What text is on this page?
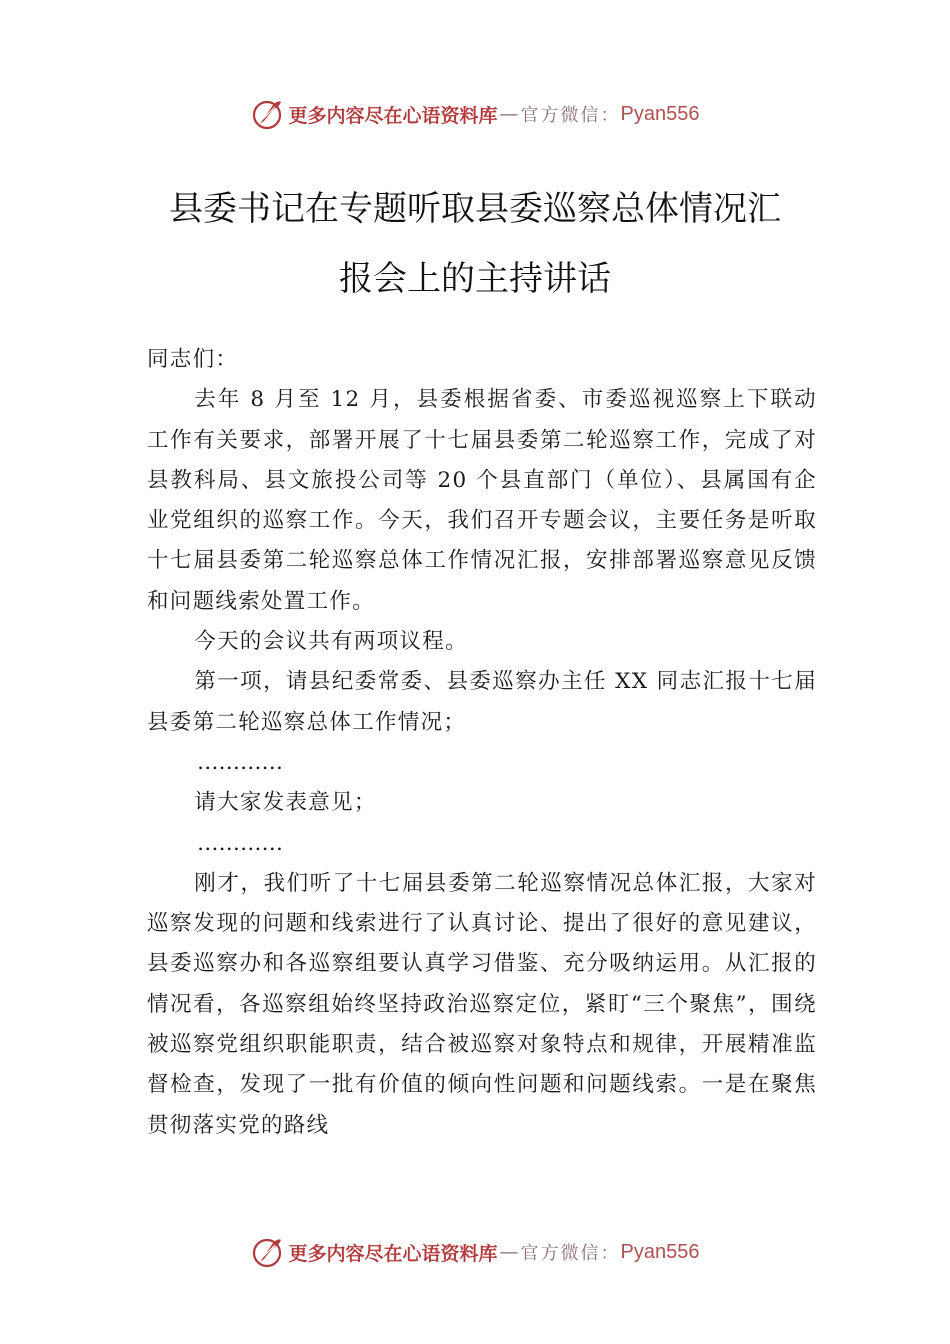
更多内容尽在心语资料库 — 官方微信： Pyan556
县委书记在专题听取县委巡察总体情况汇
报会上的主持讲话

同志们：

去年 8 月至 12 月，县委根据省委、市委巡视巡察上下联动工作有关要求，部署开展了十七届县委第二轮巡察工作，完成了对县教科局、县文旅投公司等 20 个县直部门（单位）、县属国有企业党组织的巡察工作。今天，我们召开专题会议，主要任务是听取十七届县委第二轮巡察总体工作情况汇报，安排部署巡察意见反馈和问题线索处置工作。

今天的会议共有两项议程。

第一项，请县纪委常委、县委巡察办主任 XX 同志汇报十七届县委第二轮巡察总体工作情况；

…………

请大家发表意见；

…………

刚才，我们听了十七届县委第二轮巡察情况总体汇报，大家对巡察发现的问题和线索进行了认真讨论、提出了很好的意见建议，县委巡察办和各巡察组要认真学习借鉴、充分吸纳运用。从汇报的情况看，各巡察组始终坚持政治巡察定位，紧盯“三个聚焦”，围绕被巡察党组织职能职责，结合被巡察对象特点和规律，开展精准监督检查，发现了一批有价值的倾向性问题和问题线索。一是在聚焦贯彻落实党的路线

更多内容尽在心语资料库 — 官方微信： Pyan556
